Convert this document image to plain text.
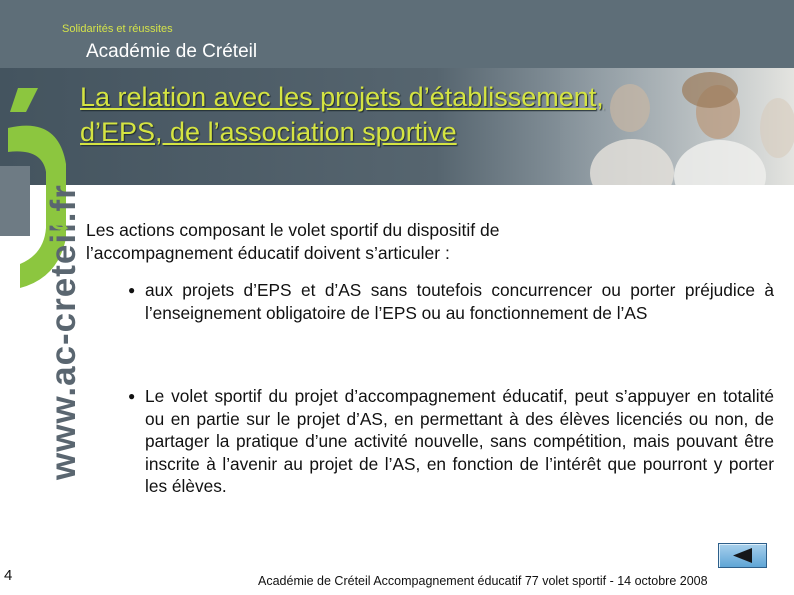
Solidarités et réussites
Académie de Créteil
La relation avec les projets d’établissement,
d’EPS, de l’association sportive
www.ac-creteil.fr Les actions composant le volet sportif du dispositif de l’accompagnement éducatif doivent s’articuler :
● aux projets d’EPS et d’AS sans toutefois concurrencer ou porter préjudice à l’enseignement obligatoire de l’EPS ou au fonctionnement de l’AS
● Le volet sportif du projet d’accompagnement éducatif, peut s’appuyer en totalité ou en partie sur le projet d’AS, en permettant à des élèves licenciés ou non, de partager la pratique d’une activité nouvelle, sans compétition, mais pouvant être inscrite à l’avenir au projet de l’AS, en fonction de l’intérêt que pourront y porter les élèves.
4	Académie de Créteil Accompagnement éducatif 77 volet sportif - 14 octobre 2008
